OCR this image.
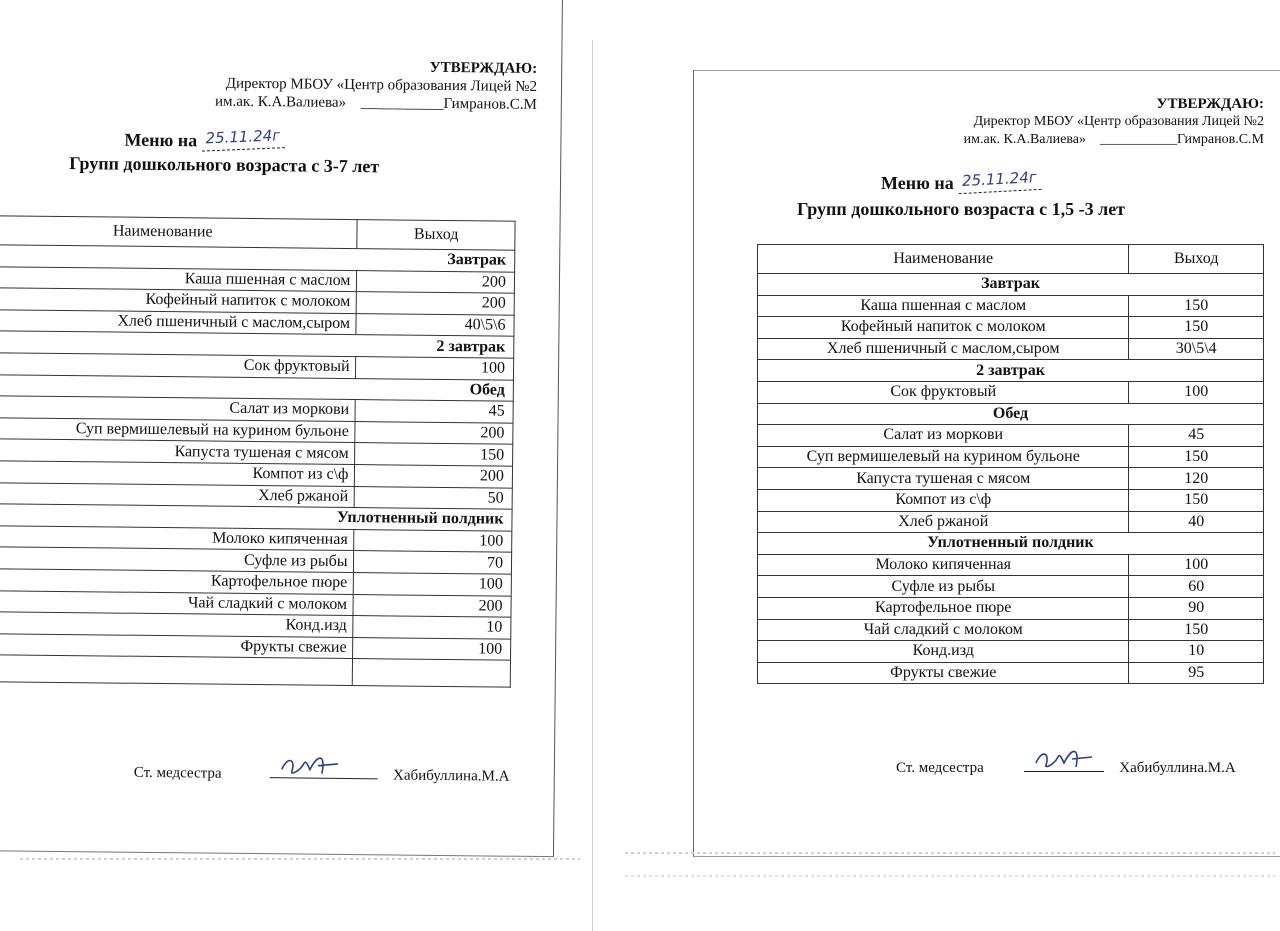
УТВЕРЖДАЮ:
Директор МБОУ «Центр образования Лицей №2
им.ак. К.А.Валиева» ___________Гимранов.С.М
Меню на 25.11.24г
Групп дошкольного возраста с 3-7 лет
Наименование	Выход
Завтрак	
Каша пшенная с маслом	200
Кофейный напиток с молоком	200
Хлеб пшеничный с маслом,сыром	40\5\6
2 завтрак	
Сок фруктовый	100
Обед	
Салат из моркови	45
Суп вермишелевый на курином бульоне	200
Капуста тушеная с мясом	150
Компот из с\ф	200
Хлеб ржаной	50
Уплотненный полдник	
Молоко кипяченная	100
Суфле из рыбы	70
Картофельное пюре	100
Чай сладкий с молоком	200
Конд.изд	10
Фрукты свежие	100

Ст. медсестра	Хабибуллина.М.А
УТВЕРЖДАЮ:
Директор МБОУ «Центр образования Лицей №2
им.ак. К.А.Валиева» ___________Гимранов.С.М
Меню на 25.11.24г
Групп дошкольного возраста с 1,5 -3 лет
Наименование	Выход
Завтрак	
Каша пшенная с маслом	150
Кофейный напиток с молоком	150
Хлеб пшеничный с маслом,сыром	30\5\4
2 завтрак	
Сок фруктовый	100
Обед	
Салат из моркови	45
Суп вермишелевый на курином бульоне	150
Капуста тушеная с мясом	120
Компот из с\ф	150
Хлеб ржаной	40
Уплотненный полдник	
Молоко кипяченная	100
Суфле из рыбы	60
Картофельное пюре	90
Чай сладкий с молоком	150
Конд.изд	10
Фрукты свежие	95
Ст. медсестра	Хабибуллина.М.А
